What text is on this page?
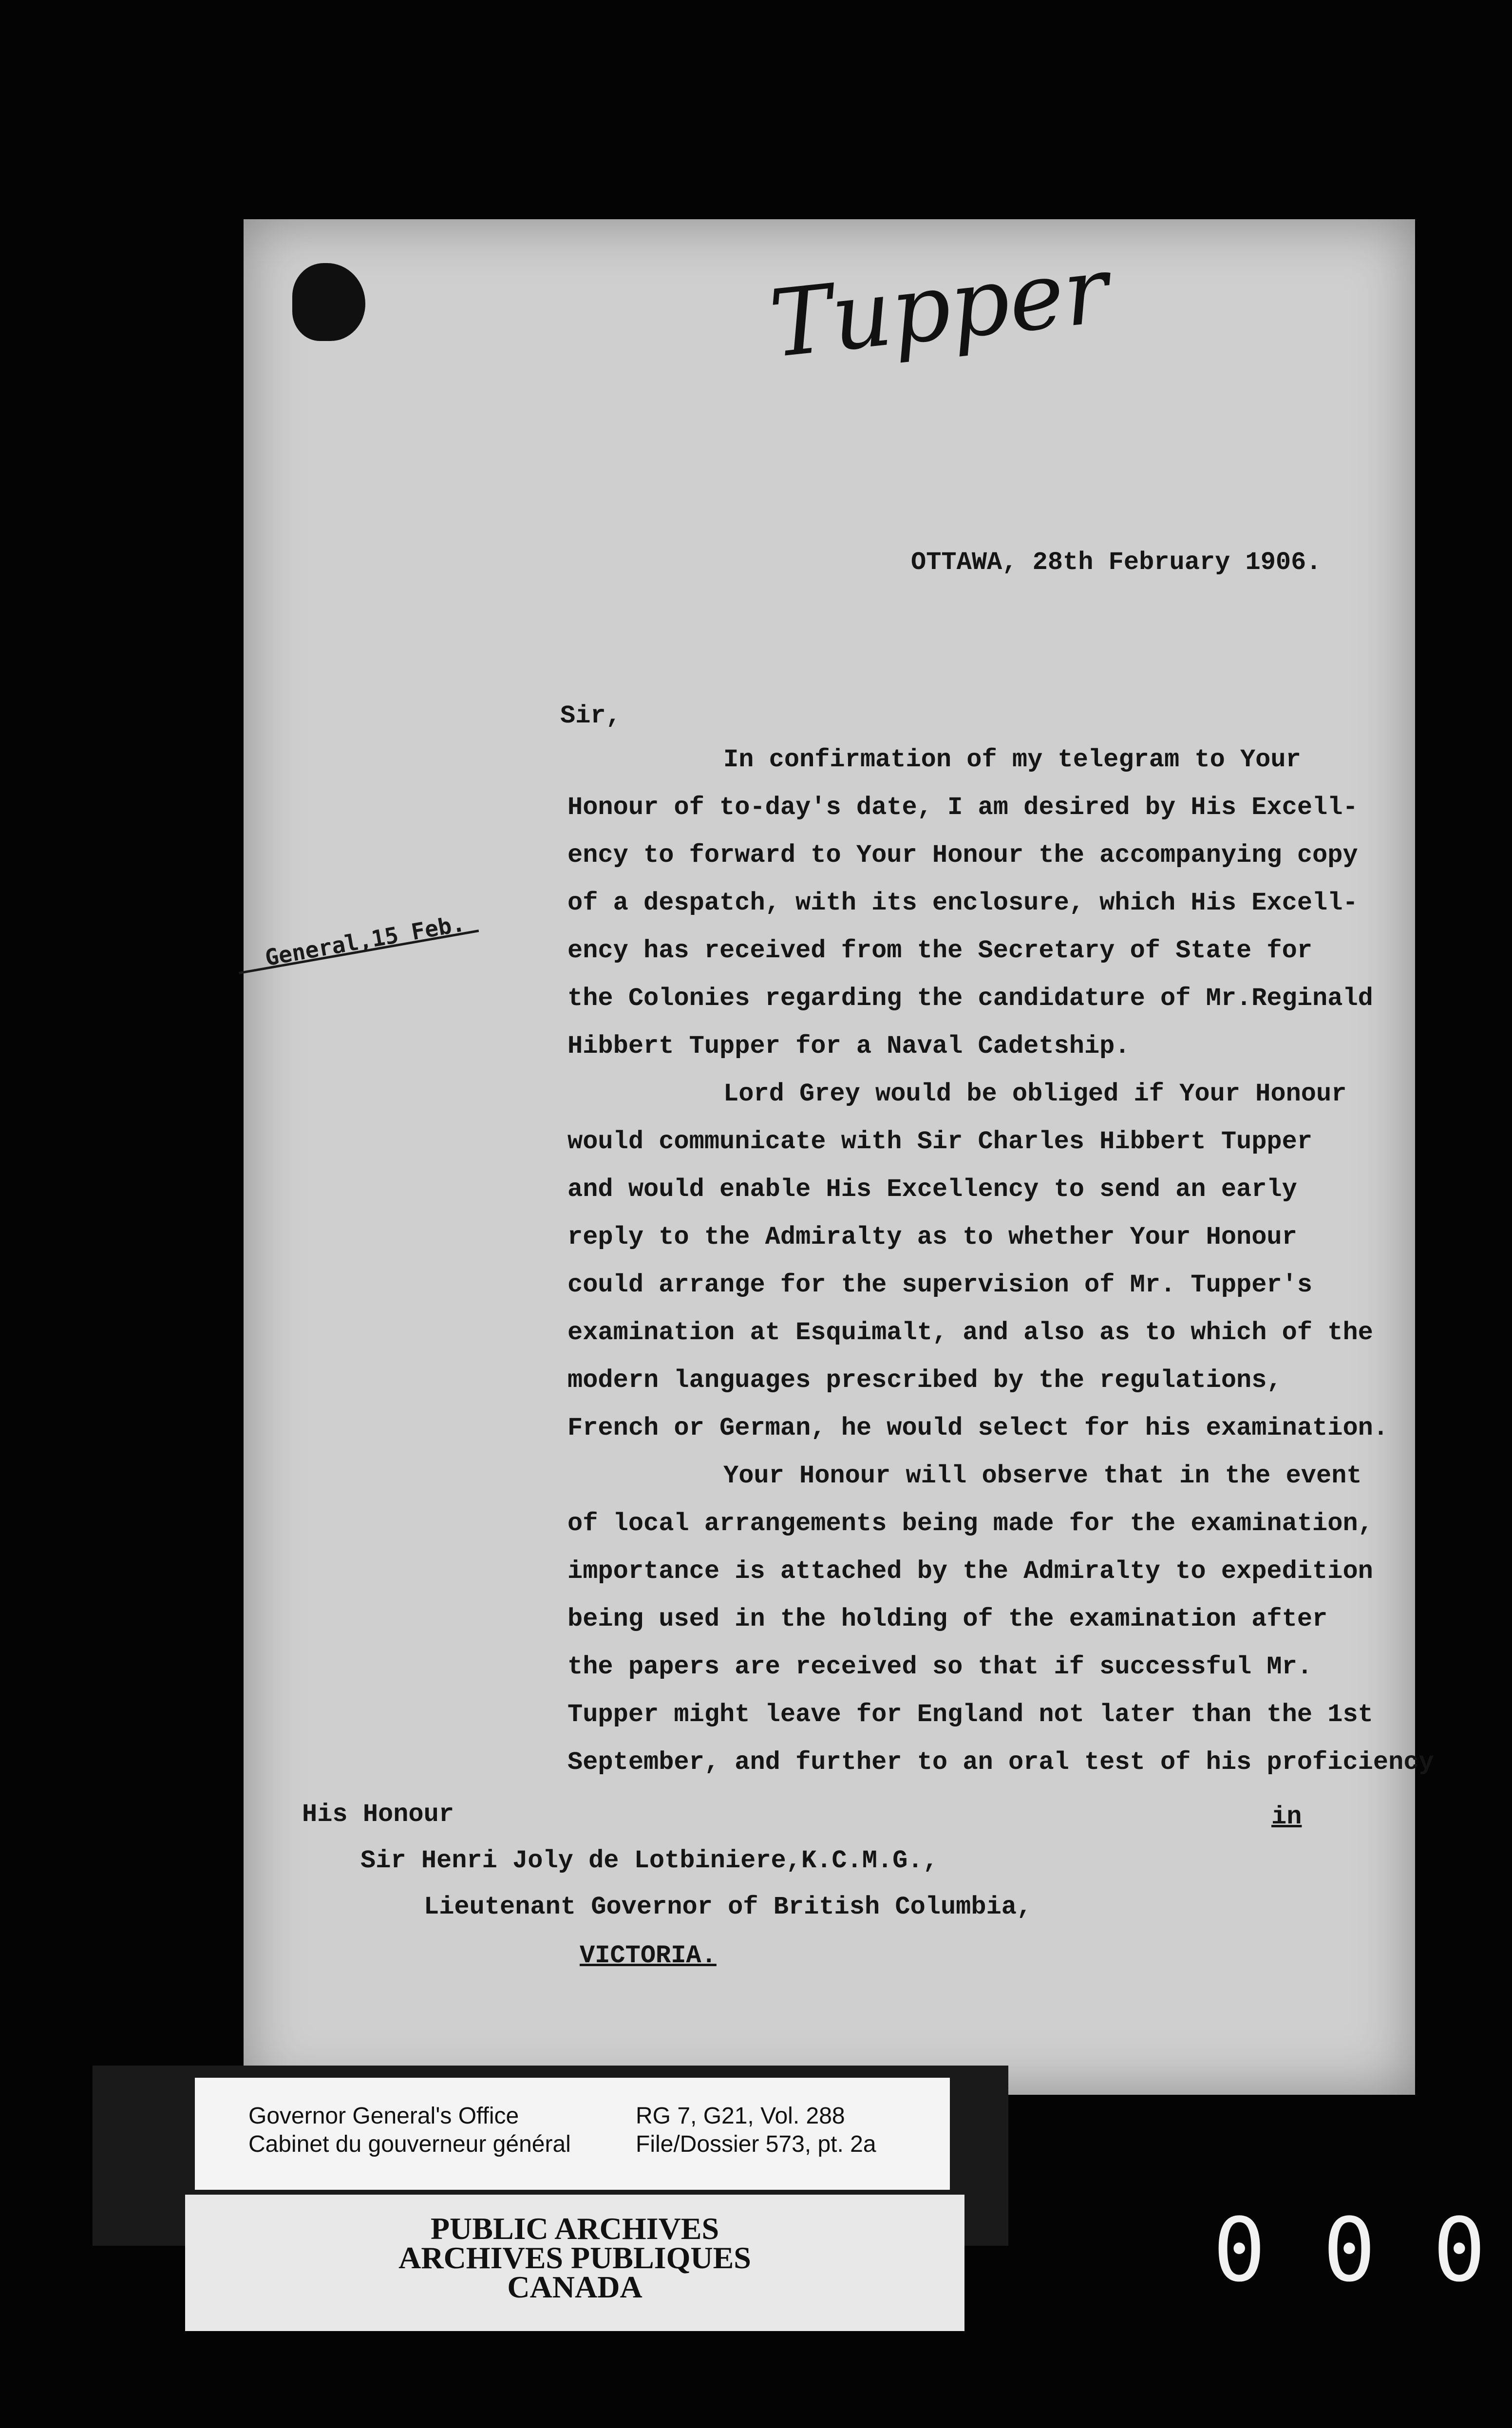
Tupper
OTTAWA, 28th February 1906.
Sir,
General,15 Feb.
In confirmation of my telegram to Your
Honour of to-day's date, I am desired by His Excell-
ency to forward to Your Honour the accompanying copy
of a despatch, with its enclosure, which His Excell-
ency has received from the Secretary of State for
the Colonies regarding the candidature of Mr.Reginald
Hibbert Tupper for a Naval Cadetship.
Lord Grey would be obliged if Your Honour
would communicate with Sir Charles Hibbert Tupper
and would enable His Excellency to send an early
reply to the Admiralty as to whether Your Honour
could arrange for the supervision of Mr. Tupper's
examination at Esquimalt, and also as to which of the
modern languages prescribed by the regulations,
French or German, he would select for his examination.
Your Honour will observe that in the event
of local arrangements being made for the examination,
importance is attached by the Admiralty to expedition
being used in the holding of the examination after
the papers are received so that if successful Mr.
Tupper might leave for England not later than the 1st
September, and further to an oral test of his proficiency
in
His Honour
Sir Henri Joly de Lotbiniere,K.C.M.G.,
Lieutenant Governor of British Columbia,
VICTORIA.
Governor General's Office
Cabinet du gouverneur général
RG 7, G21, Vol. 288
File/Dossier 573, pt. 2a
PUBLIC ARCHIVES
ARCHIVES PUBLIQUES
CANADA	0 0 0
